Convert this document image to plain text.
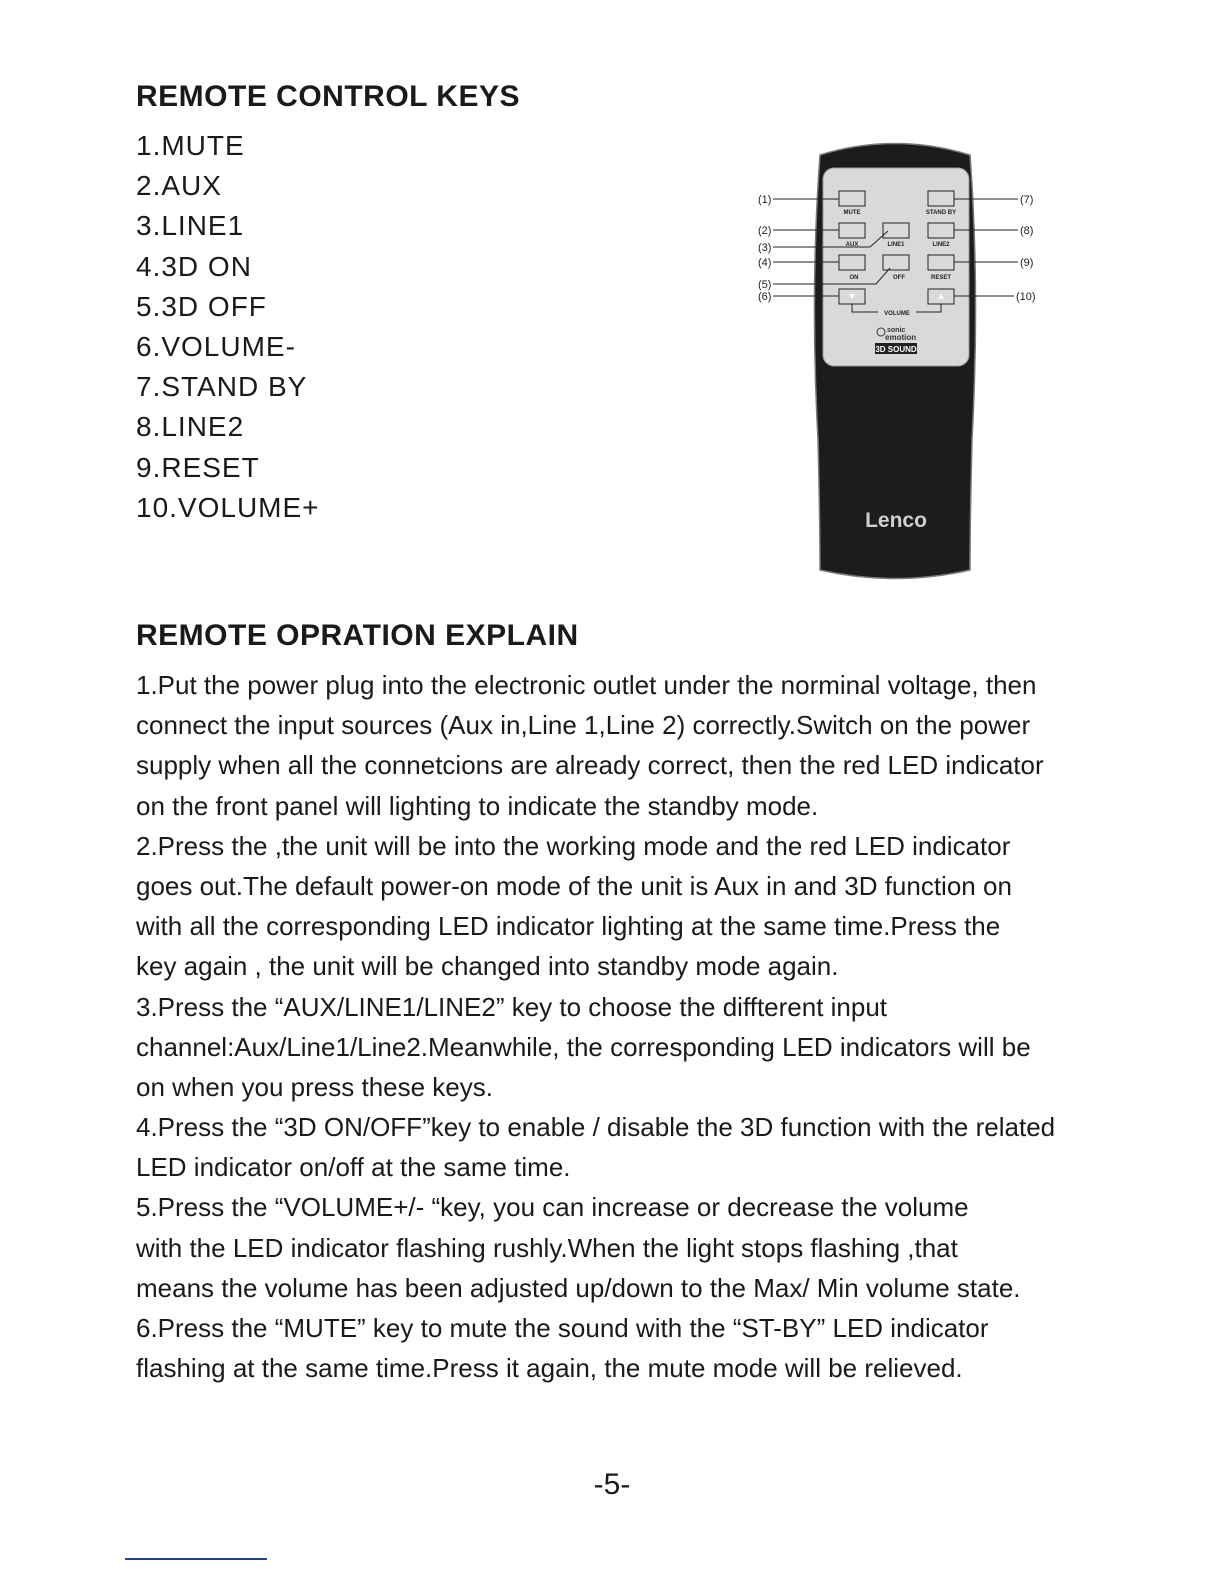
REMOTE CONTROL KEYS
1.MUTE
2.AUX
3.LINE1
4.3D ON
5.3D OFF
6.VOLUME-
7.STAND BY
8.LINE2
9.RESET
10.VOLUME+
MUTE	STAND BY
AUX	LINE1	LINE2
ON	OFF	RESET
VOLUME
sonic
emotion
3D SOUND
Lenco
(1)
(2)
(3)
(4)
(5)
(6)
(7)
(8)
(9)
(10)
REMOTE OPRATION EXPLAIN
1.Put the power plug into the electronic outlet under the norminal voltage, then
connect the input sources (Aux in,Line 1,Line 2) correctly.Switch on the power
supply when all the connetcions are already correct, then the red LED indicator
on the front panel will lighting to indicate the standby mode.
2.Press the ,the unit will be into the working mode and the red LED indicator
goes out.The default power-on mode of the unit is Aux in and 3D function on
with all the corresponding LED indicator lighting at the same time.Press the
key again , the unit will be changed into standby mode again.
3.Press the “AUX/LINE1/LINE2” key to choose the diffterent input
channel:Aux/Line1/Line2.Meanwhile, the corresponding LED indicators will be
on when you press these keys.
4.Press the “3D ON/OFF”key to enable / disable the 3D function with the related
LED indicator on/off at the same time.
5.Press the “VOLUME+/- “key, you can increase or decrease the volume
with the LED indicator flashing rushly.When the light stops flashing ,that
means the volume has been adjusted up/down to the Max/ Min volume state.
6.Press the “MUTE” key to mute the sound with the “ST-BY” LED indicator
flashing at the same time.Press it again, the mute mode will be relieved.
-5-
